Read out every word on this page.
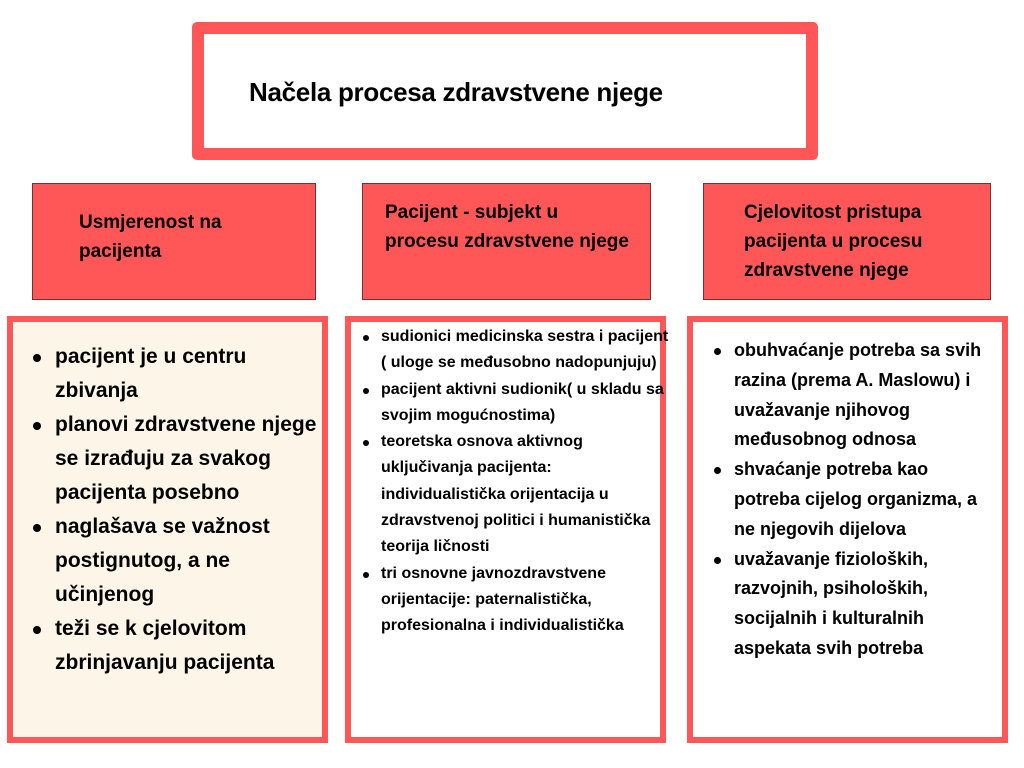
Načela procesa zdravstvene njege
Usmjerenost na pacijenta
Pacijent - subjekt u procesu zdravstvene njege
Cjelovitost pristupa pacijenta u procesu zdravstvene njege
pacijent je u centru zbivanja
planovi zdravstvene njege se izrađuju za svakog pacijenta posebno
naglašava se važnost postignutog, a ne učinjenog
teži se k cjelovitom zbrinjavanju pacijenta
sudionici medicinska sestra i pacijent ( uloge se međusobno nadopunjuju)
pacijent aktivni sudionik( u skladu sa svojim mogućnostima)
teoretska osnova aktivnog uključivanja pacijenta: individualistička orijentacija u zdravstvenoj politici i humanistička teorija ličnosti
tri osnovne javnozdravstvene orijentacije: paternalistička, profesionalna i individualistička
obuhvaćanje potreba sa svih razina (prema A. Maslowu) i uvažavanje njihovog međusobnog odnosa
shvaćanje potreba kao potreba cijelog organizma, a ne njegovih dijelova
uvažavanje fizioloških, razvojnih, psiholoških, socijalnih i kulturalnih aspekata svih potreba
